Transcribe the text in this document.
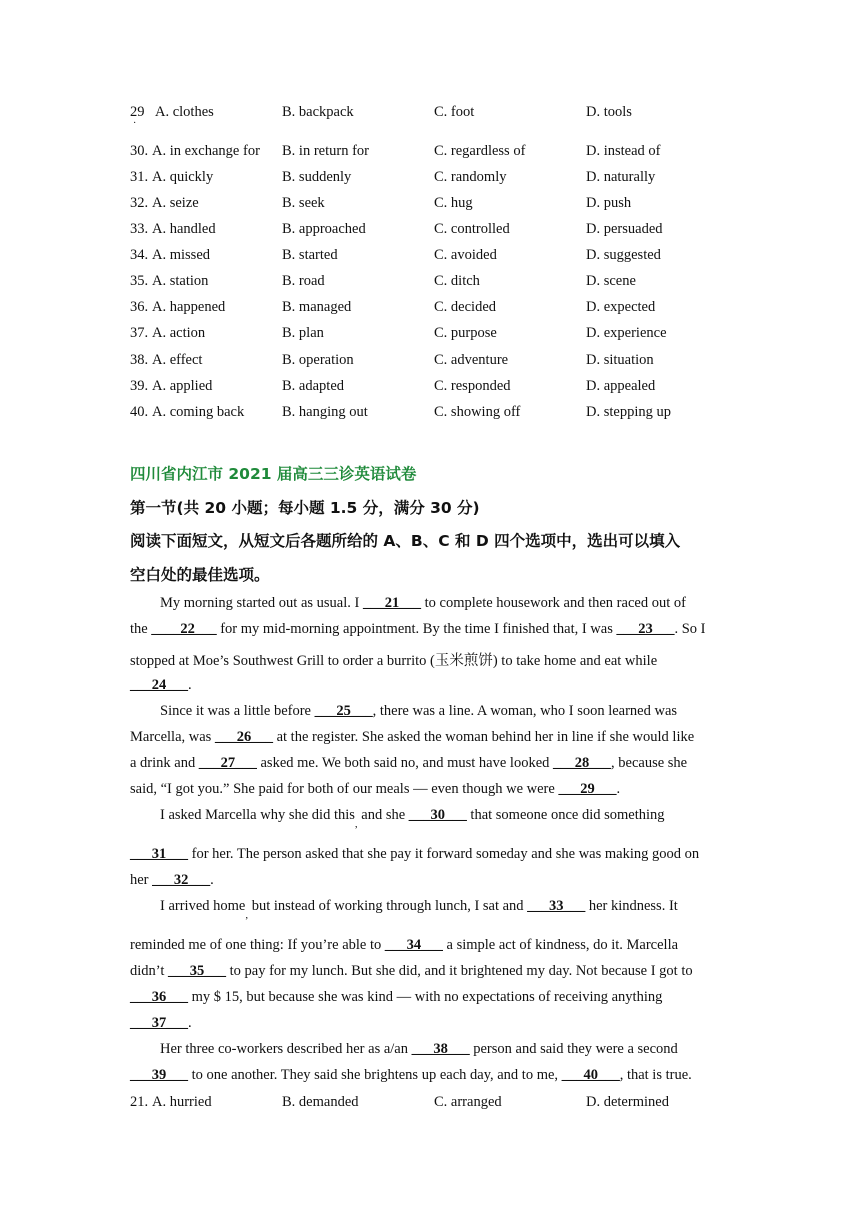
29
·
A. clothes	B. backpack	C. foot	D. tools
30. A. in exchange for B. in return for	C. regardless of	D. instead of
31. A. quickly	B. suddenly	C. randomly	D. naturally
32. A. seize	B. seek	C. hug	D. push
33. A. handled	B. approached	C. controlled	D. persuaded
34. A. missed	B. started	C. avoided	D. suggested
35. A. station	B. road	C. ditch	D. scene
36. A. happened	B. managed	C. decided	D. expected
37. A. action	B. plan	C. purpose	D. experience
38. A. effect	B. operation	C. adventure	D. situation
39. A. applied	B. adapted	C. responded	D. appealed
40. A. coming back	B. hanging out	C. showing off	D. stepping up
四川省内江市 2021 届高三三诊英语试卷
第一节(共 20 小题；每小题 1.5 分，满分 30 分)
阅读下面短文，从短文后各题所给的 A、B、C 和 D 四个选项中，选出可以填入
空白处的最佳选项。
My morning started out as usual. I ___21___ to complete housework and then raced out of
the ____22___ for my mid-morning appointment. By the time I finished that, I was ___23___. So I
stopped at Moe’s Southwest Grill to order a burrito (玉米煎饼) to take home and eat while
___24___.
Since it was a little before ___25___, there was a line. A woman, who I soon learned was
Marcella, was ___26___ at the register. She asked the woman behind her in line if she would like
a drink and ___27___ asked me. We both said no, and must have looked ___28___, because she
said, “I got you.” She paid for both of our meals — even though we were ___29___.
I asked Marcella why she did this$_,$ and she ___30___ that someone once did something
___31___ for her. The person asked that she pay it forward someday and she was making good on
her ___32___.
I arrived home$_,$ but instead of working through lunch, I sat and ___33___ her kindness. It
reminded me of one thing: If you’re able to ___34___ a simple act of kindness, do it. Marcella
didn’t ___35___ to pay for my lunch. But she did, and it brightened my day. Not because I got to
___36___ my $ 15, but because she was kind — with no expectations of receiving anything
___37___.
Her three co-workers described her as a/an ___38___ person and said they were a second
___39___ to one another. They said she brightens up each day, and to me, ___40___, that is true.
21. A. hurried	B. demanded	C. arranged	D. determined
